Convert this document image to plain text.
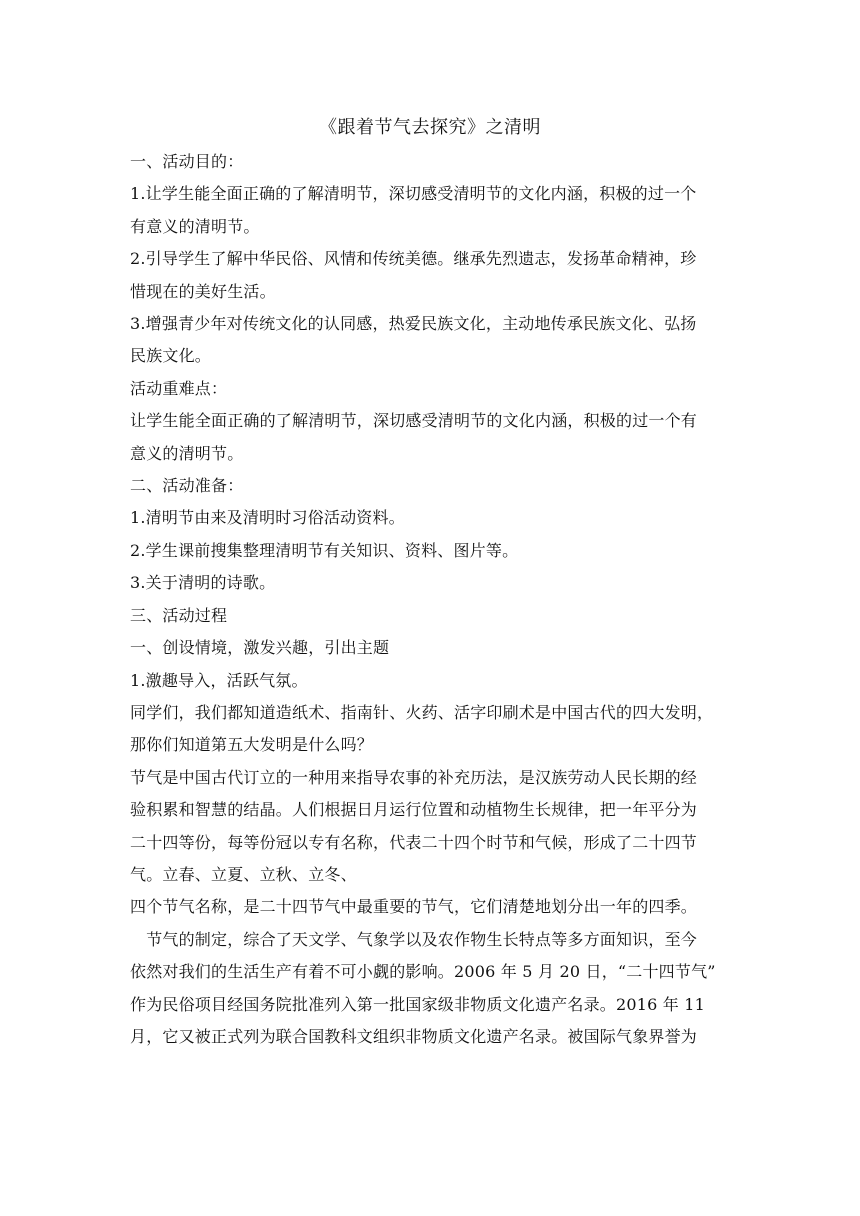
《跟着节气去探究》之清明
一、活动目的：
1.让学生能全面正确的了解清明节，深切感受清明节的文化内涵，积极的过一个
有意义的清明节。
2.引导学生了解中华民俗、风情和传统美德。继承先烈遗志，发扬革命精神，珍
惜现在的美好生活。
3.增强青少年对传统文化的认同感，热爱民族文化，主动地传承民族文化、弘扬
民族文化。
活动重难点：
让学生能全面正确的了解清明节，深切感受清明节的文化内涵，积极的过一个有
意义的清明节。
二、活动准备：
1.清明节由来及清明时习俗活动资料。
2.学生课前搜集整理清明节有关知识、资料、图片等。
3.关于清明的诗歌。
三、活动过程
一、创设情境，激发兴趣，引出主题
1.激趣导入，活跃气氛。
同学们，我们都知道造纸术、指南针、火药、活字印刷术是中国古代的四大发明，
那你们知道第五大发明是什么吗？
节气是中国古代订立的一种用来指导农事的补充历法，是汉族劳动人民长期的经
验积累和智慧的结晶。人们根据日月运行位置和动植物生长规律，把一年平分为
二十四等份，每等份冠以专有名称，代表二十四个时节和气候，形成了二十四节
气。立春、立夏、立秋、立冬、
四个节气名称，是二十四节气中最重要的节气，它们清楚地划分出一年的四季。
　节气的制定，综合了天文学、气象学以及农作物生长特点等多方面知识，至今
依然对我们的生活生产有着不可小觑的影响。2006 年 5 月 20 日，“二十四节气”
作为民俗项目经国务院批准列入第一批国家级非物质文化遗产名录。2016 年 11
月，它又被正式列为联合国教科文组织非物质文化遗产名录。被国际气象界誉为
